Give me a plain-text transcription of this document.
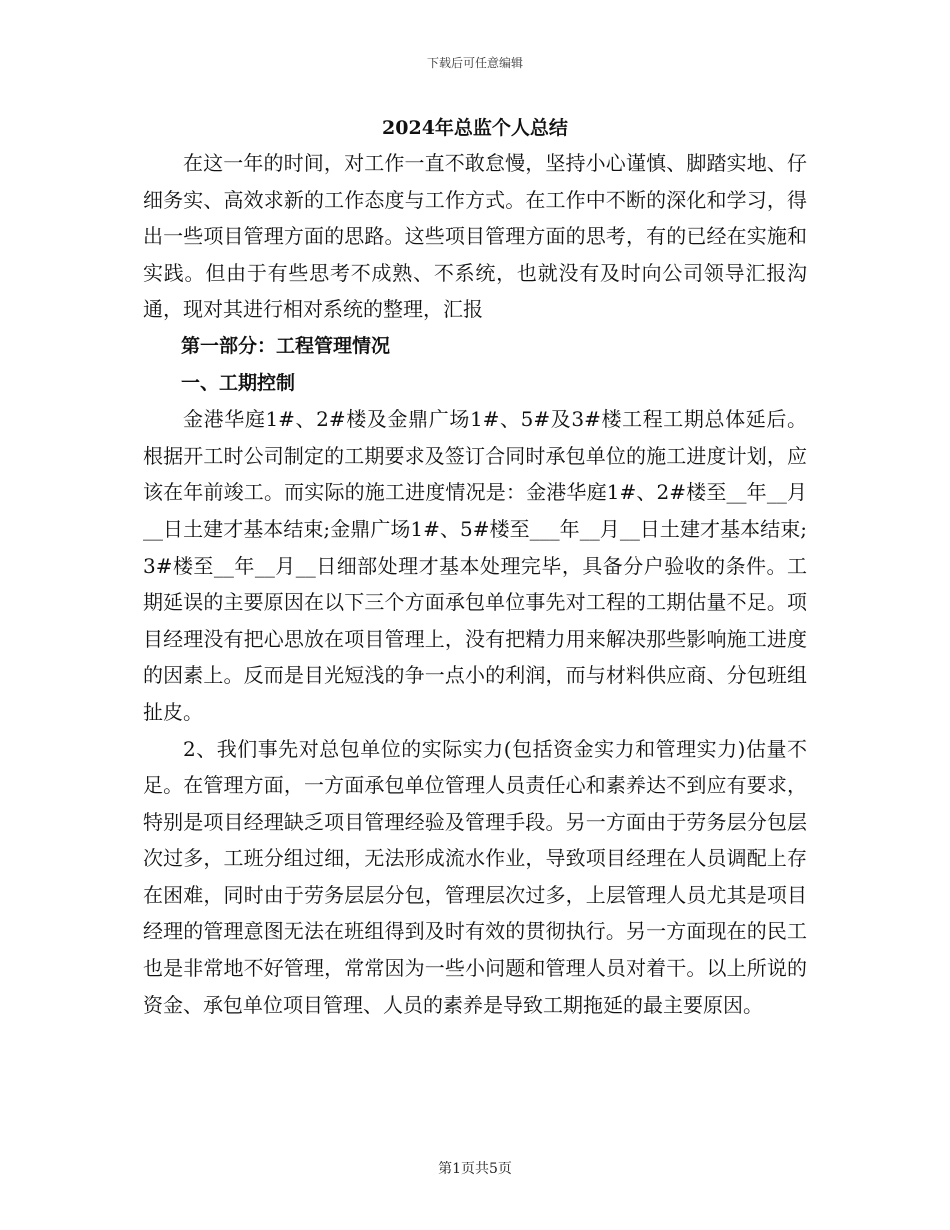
下载后可任意编辑
2024年总监个人总结

在这一年的时间，对工作一直不敢怠慢，坚持小心谨慎、脚踏实地、仔细务实、高效求新的工作态度与工作方式。在工作中不断的深化和学习，得出一些项目管理方面的思路。这些项目管理方面的思考，有的已经在实施和实践。但由于有些思考不成熟、不系统，也就没有及时向公司领导汇报沟通，现对其进行相对系统的整理，汇报

第一部分：工程管理情况

一、工期控制

金港华庭1#、2#楼及金鼎广场1#、5#及3#楼工程工期总体延后。根据开工时公司制定的工期要求及签订合同时承包单位的施工进度计划，应该在年前竣工。而实际的施工进度情况是：金港华庭1#、2#楼至__年__月__日土建才基本结束;金鼎广场1#、5#楼至___年__月__日土建才基本结束;3#楼至__年__月__日细部处理才基本处理完毕，具备分户验收的条件。工期延误的主要原因在以下三个方面承包单位事先对工程的工期估量不足。项目经理没有把心思放在项目管理上，没有把精力用来解决那些影响施工进度的因素上。反而是目光短浅的争一点小的利润，而与材料供应商、分包班组扯皮。

2、我们事先对总包单位的实际实力(包括资金实力和管理实力)估量不足。在管理方面，一方面承包单位管理人员责任心和素养达不到应有要求，特别是项目经理缺乏项目管理经验及管理手段。另一方面由于劳务层分包层次过多，工班分组过细，无法形成流水作业，导致项目经理在人员调配上存在困难，同时由于劳务层层分包，管理层次过多，上层管理人员尤其是项目经理的管理意图无法在班组得到及时有效的贯彻执行。另一方面现在的民工也是非常地不好管理，常常因为一些小问题和管理人员对着干。以上所说的资金、承包单位项目管理、人员的素养是导致工期拖延的最主要原因。

第1页共5页
